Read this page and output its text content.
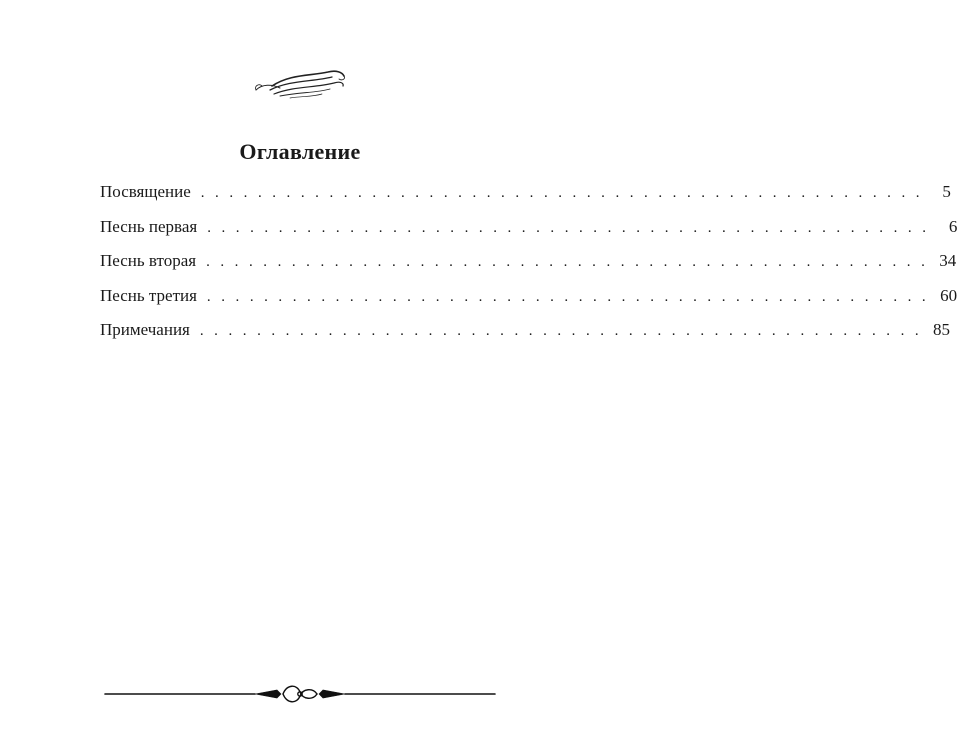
Оглавление
Посвящение . . . . . . . . . . . . . . . . . . . . . . . . . . . . . . . . . . . . . . . . . . . . . . . . . . .	5
Песнь первая . . . . . . . . . . . . . . . . . . . . . . . . . . . . . . . . . . . . . . . . . . . . . . . . . . .	6
Песнь вторая . . . . . . . . . . . . . . . . . . . . . . . . . . . . . . . . . . . . . . . . . . . . . . . . . . . 34
Песнь третия . . . . . . . . . . . . . . . . . . . . . . . . . . . . . . . . . . . . . . . . . . . . . . . . . . . 60
Примечания . . . . . . . . . . . . . . . . . . . . . . . . . . . . . . . . . . . . . . . . . . . . . . . . . . . 85
